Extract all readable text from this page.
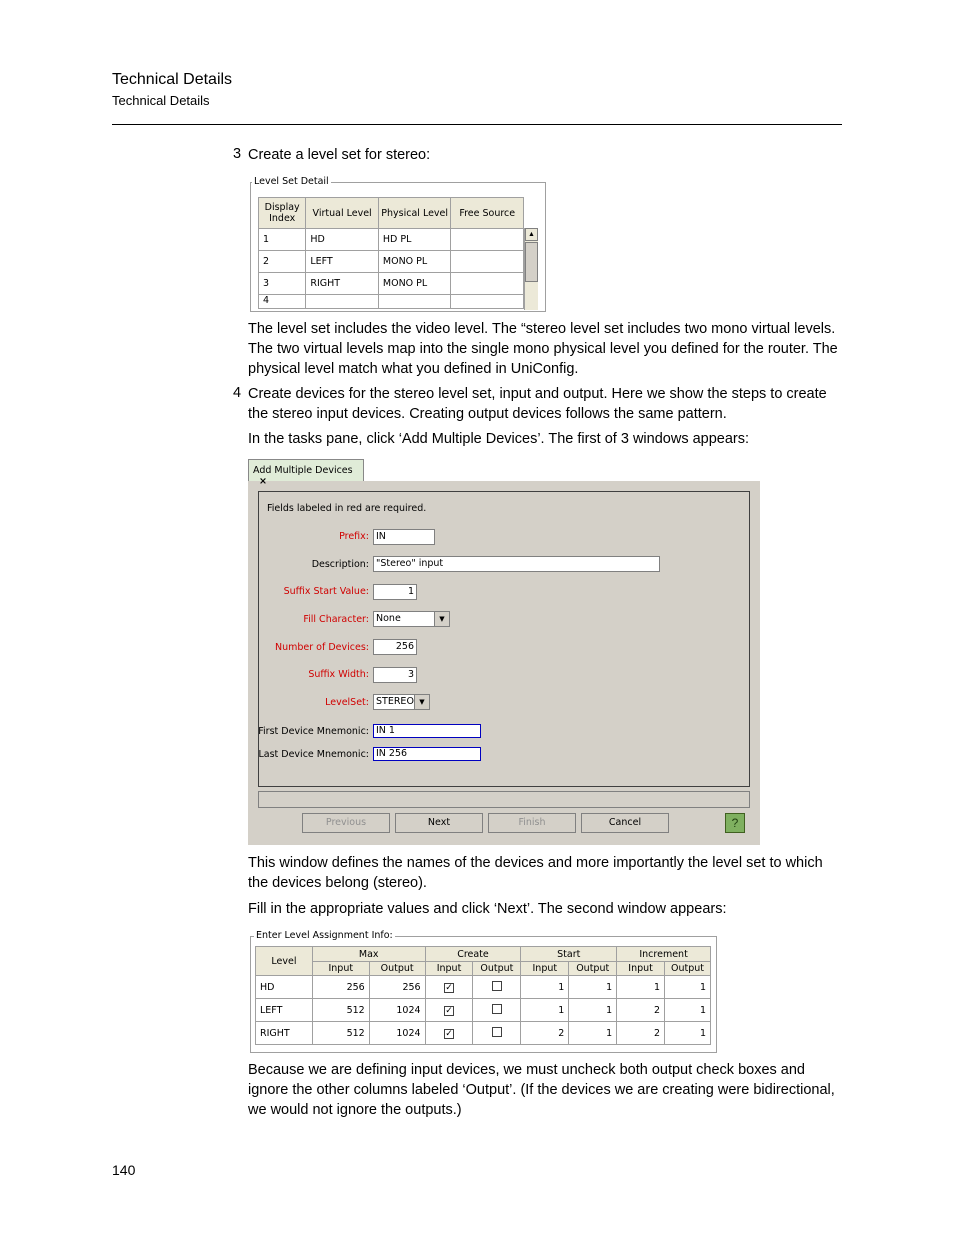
Technical Details
Technical Details
3 Create a level set for stereo:
Level Set Detail
Display Index	Virtual Level	Physical Level	Free Source
1	HD	HD PL	
2	LEFT	MONO PL	
3	RIGHT	MONO PL	
4			
▲
The level set includes the video level. The “stereo level set includes two mono virtual levels. The two virtual levels map into the single mono physical level you defined for the router. The physical level match what you defined in UniConfig.
4 Create devices for the stereo level set, input and output. Here we show the steps to create the stereo input devices. Creating output devices follows the same pattern.
In the tasks pane, click ‘Add Multiple Devices’. The first of 3 windows appears:
Add Multiple Devices ×
Fields labeled in red are required.
Prefix: IN
Description: "Stereo" input
Suffix Start Value:	1
Fill Character: None	▼
Number of Devices:	256
Suffix Width:	3
LevelSet: STEREO ▼
First Device Mnemonic: IN 1
Last Device Mnemonic: IN 256
Previous	Next	Finish	Cancel	?
This window defines the names of the devices and more importantly the level set to which the devices belong (stereo).
Fill in the appropriate values and click ‘Next’. The second window appears:
Enter Level Assignment Info:
Level	Max		Create		Start		Increment	
	Input	Output	Input	Output	Input	Output	Input	Output
HD	256	256	✓		1	1	1	1
LEFT	512	1024	✓		1	1	2	1
RIGHT	512	1024	✓		2	1	2	1
Because we are defining input devices, we must uncheck both output check boxes and ignore the other columns labeled ‘Output’. (If the devices we are creating were bidirectional, we would not ignore the outputs.)
140
